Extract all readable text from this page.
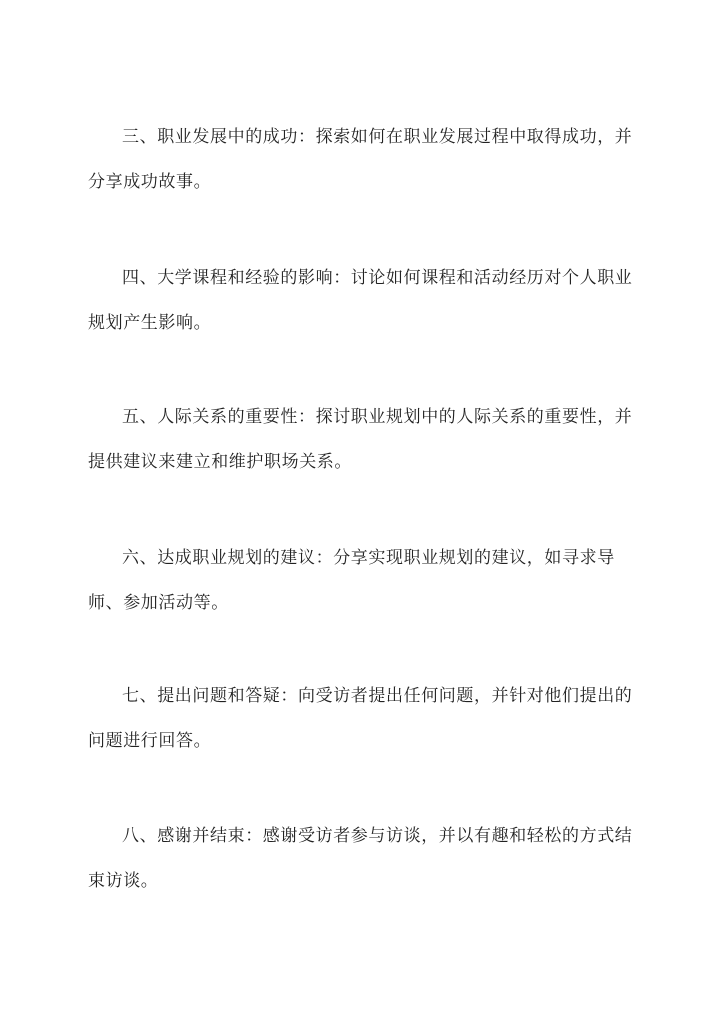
三、职业发展中的成功：探索如何在职业发展过程中取得成功，并分享成功故事。

四、大学课程和经验的影响：讨论如何课程和活动经历对个人职业规划产生影响。

五、人际关系的重要性：探讨职业规划中的人际关系的重要性，并提供建议来建立和维护职场关系。

六、达成职业规划的建议：分享实现职业规划的建议，如寻求导师、参加活动等。

七、提出问题和答疑：向受访者提出任何问题，并针对他们提出的问题进行回答。

八、感谢并结束：感谢受访者参与访谈，并以有趣和轻松的方式结束访谈。
